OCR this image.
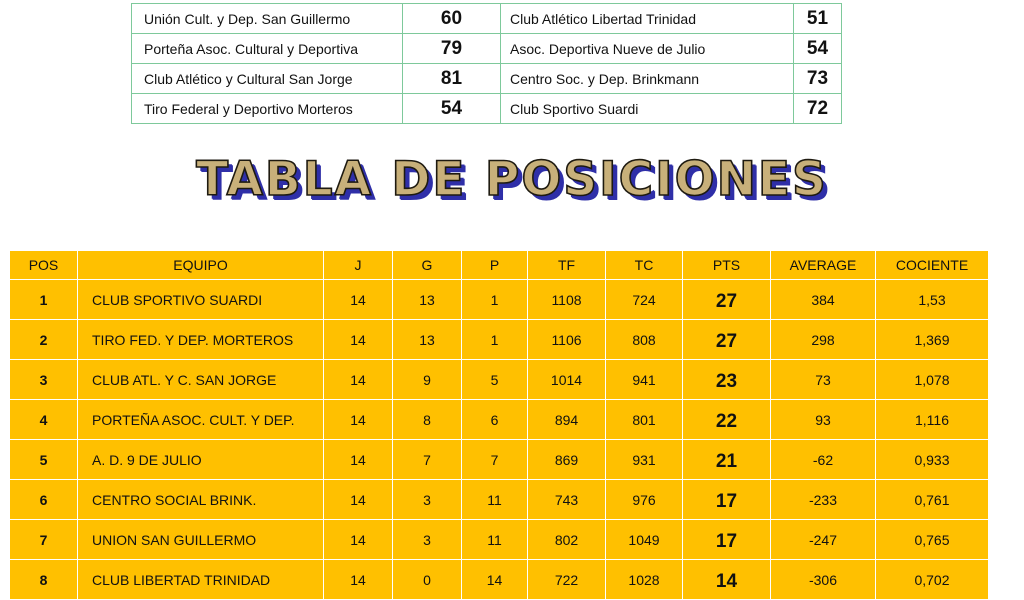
Unión Cult. y Dep. San Guillermo	60	Club Atlético Libertad Trinidad	51
Porteña Asoc. Cultural y Deportiva	79	Asoc. Deportiva Nueve de Julio	54
Club Atlético y Cultural San Jorge	81	Centro Soc. y Dep. Brinkmann	73
Tiro Federal y Deportivo Morteros	54	Club Sportivo Suardi	72
TABLA DE POSICIONES
POS	EQUIPO	J	G	P	TF	TC	PTS	AVERAGE	COCIENTE
1	CLUB SPORTIVO SUARDI	14	13	1	1108	724	27	384	1,53
2	TIRO FED. Y DEP. MORTEROS	14	13	1	1106	808	27	298	1,369
3	CLUB ATL. Y C. SAN JORGE	14	9	5	1014	941	23	73	1,078
4	PORTEÑA ASOC. CULT. Y DEP.	14	8	6	894	801	22	93	1,116
5	A. D. 9 DE JULIO	14	7	7	869	931	21	-62	0,933
6	CENTRO SOCIAL BRINK.	14	3	11	743	976	17	-233	0,761
7	UNION SAN GUILLERMO	14	3	11	802	1049	17	-247	0,765
8	CLUB LIBERTAD TRINIDAD	14	0	14	722	1028	14	-306	0,702
